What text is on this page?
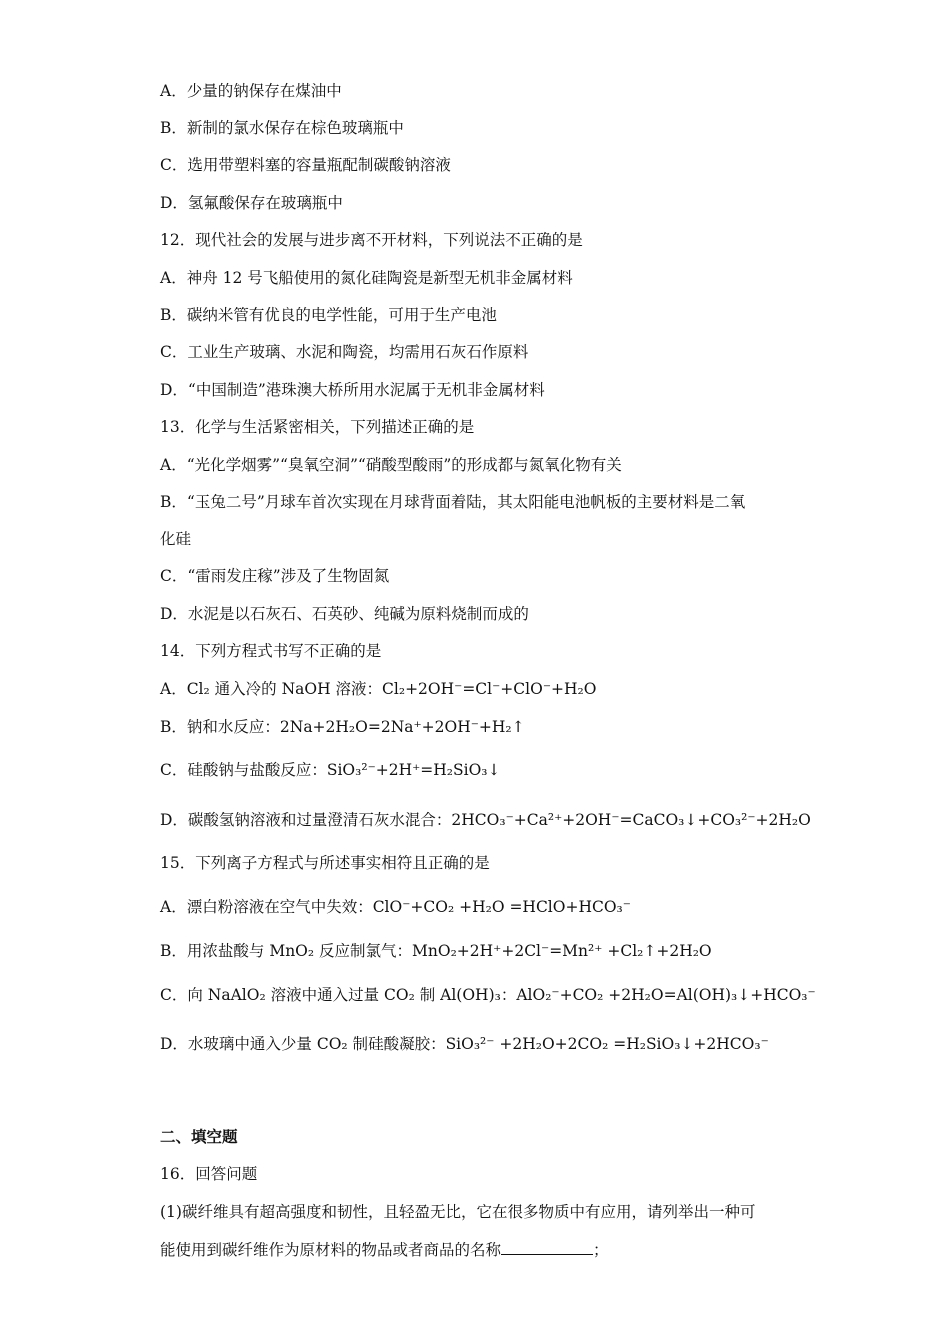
A．少量的钠保存在煤油中
B．新制的氯水保存在棕色玻璃瓶中
C．选用带塑料塞的容量瓶配制碳酸钠溶液
D．氢氟酸保存在玻璃瓶中
12．现代社会的发展与进步离不开材料，下列说法不正确的是
A．神舟 12 号飞船使用的氮化硅陶瓷是新型无机非金属材料
B．碳纳米管有优良的电学性能，可用于生产电池
C．工业生产玻璃、水泥和陶瓷，均需用石灰石作原料
D．“中国制造”港珠澳大桥所用水泥属于无机非金属材料
13．化学与生活紧密相关，下列描述正确的是
A．“光化学烟雾”“臭氧空洞”“硝酸型酸雨”的形成都与氮氧化物有关
B．“玉兔二号”月球车首次实现在月球背面着陆，其太阳能电池帆板的主要材料是二氧
化硅
C．“雷雨发庄稼”涉及了生物固氮
D．水泥是以石灰石、石英砂、纯碱为原料烧制而成的
14．下列方程式书写不正确的是
A．Cl₂ 通入冷的 NaOH 溶液：Cl₂+2OH⁻=Cl⁻+ClO⁻+H₂O
B．钠和水反应：2Na+2H₂O=2Na⁺+2OH⁻+H₂↑
C．硅酸钠与盐酸反应：SiO₃²⁻+2H⁺=H₂SiO₃↓
D．碳酸氢钠溶液和过量澄清石灰水混合：2HCO₃⁻+Ca²⁺+2OH⁻=CaCO₃↓+CO₃²⁻+2H₂O
15．下列离子方程式与所述事实相符且正确的是
A．漂白粉溶液在空气中失效：ClO⁻+CO₂ +H₂O =HClO+HCO₃⁻
B．用浓盐酸与 MnO₂ 反应制氯气：MnO₂+2H⁺+2Cl⁻=Mn²⁺ +Cl₂↑+2H₂O
C．向 NaAlO₂ 溶液中通入过量 CO₂ 制 Al(OH)₃：AlO₂⁻+CO₂ +2H₂O=Al(OH)₃↓+HCO₃⁻
D．水玻璃中通入少量 CO₂ 制硅酸凝胶：SiO₃²⁻ +2H₂O+2CO₂ =H₂SiO₃↓+2HCO₃⁻
二、填空题
16．回答问题
(1)碳纤维具有超高强度和韧性，且轻盈无比，它在很多物质中有应用，请列举出一种可
能使用到碳纤维作为原材料的物品或者商品的名称	；
